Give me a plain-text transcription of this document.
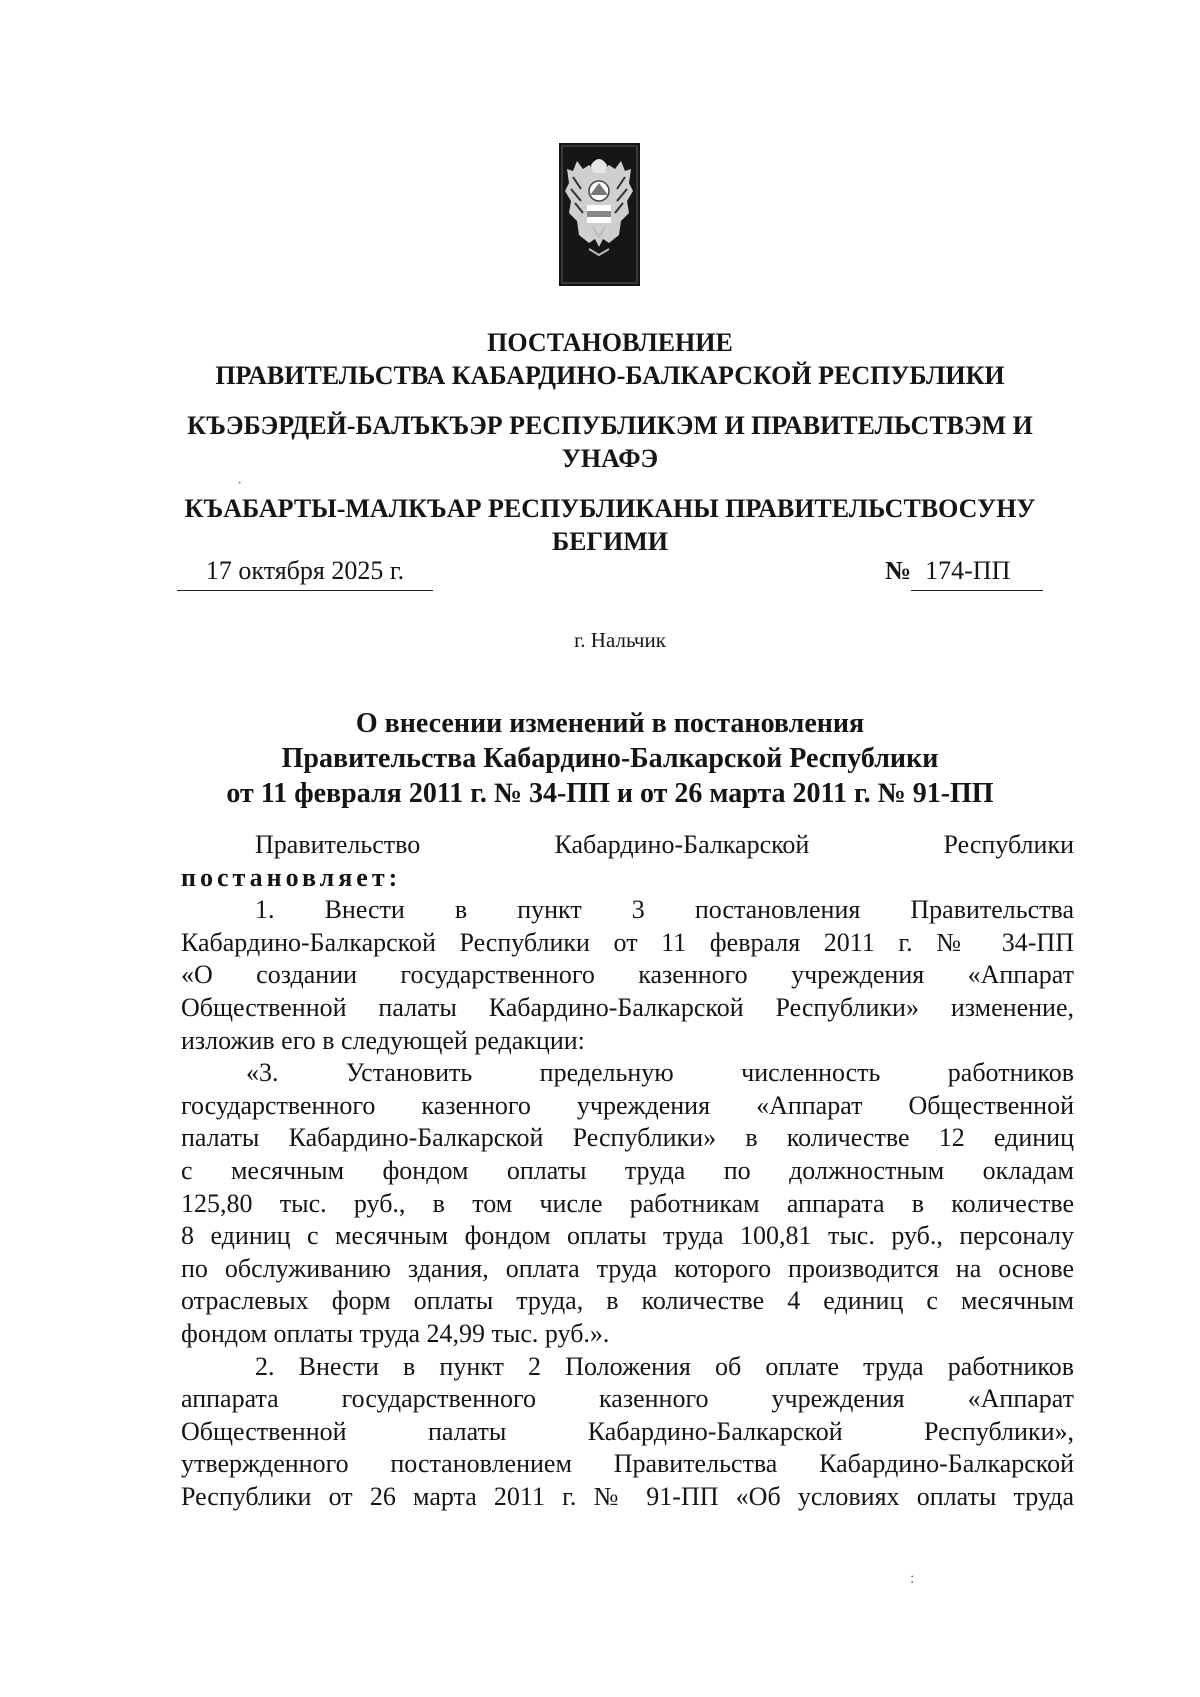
ПОСТАНОВЛЕНИЕ
ПРАВИТЕЛЬСТВА КАБАРДИНО-БАЛКАРСКОЙ РЕСПУБЛИКИ
КЪЭБЭРДЕЙ-БАЛЪКЪЭР РЕСПУБЛИКЭМ И ПРАВИТЕЛЬСТВЭМ И
УНАФЭ
КЪАБАРТЫ-МАЛКЪАР РЕСПУБЛИКАНЫ ПРАВИТЕЛЬСТВОСУНУ
БЕГИМИ
17 октября 2025 г.	№ 174-ПП
г. Нальчик
О внесении изменений в постановления
Правительства Кабардино-Балкарской Республики
от 11 февраля 2011 г. № 34-ПП и от 26 марта 2011 г. № 91-ПП

Правительство Кабардино-Балкарской Республики

постановляет:

1. Внести в пункт 3 постановления Правительства

Кабардино-Балкарской Республики от 11 февраля 2011 г. № 34-ПП

«О создании государственного казенного учреждения «Аппарат

Общественной палаты Кабардино-Балкарской Республики» изменение,

изложив его в следующей редакции:

«3. Установить предельную численность работников

государственного казенного учреждения «Аппарат Общественной

палаты Кабардино-Балкарской Республики» в количестве 12 единиц

с месячным фондом оплаты труда по должностным окладам

125,80 тыс. руб., в том числе работникам аппарата в количестве

8 единиц с месячным фондом оплаты труда 100,81 тыс. руб., персоналу

по обслуживанию здания, оплата труда которого производится на основе

отраслевых форм оплаты труда, в количестве 4 единиц с месячным

фондом оплаты труда 24,99 тыс. руб.».

2. Внести в пункт 2 Положения об оплате труда работников

аппарата государственного казенного учреждения «Аппарат

Общественной палаты Кабардино-Балкарской Республики»,

утвержденного постановлением Правительства Кабардино-Балкарской

Республики от 26 марта 2011 г. № 91-ПП «Об условиях оплаты труда

·
:
